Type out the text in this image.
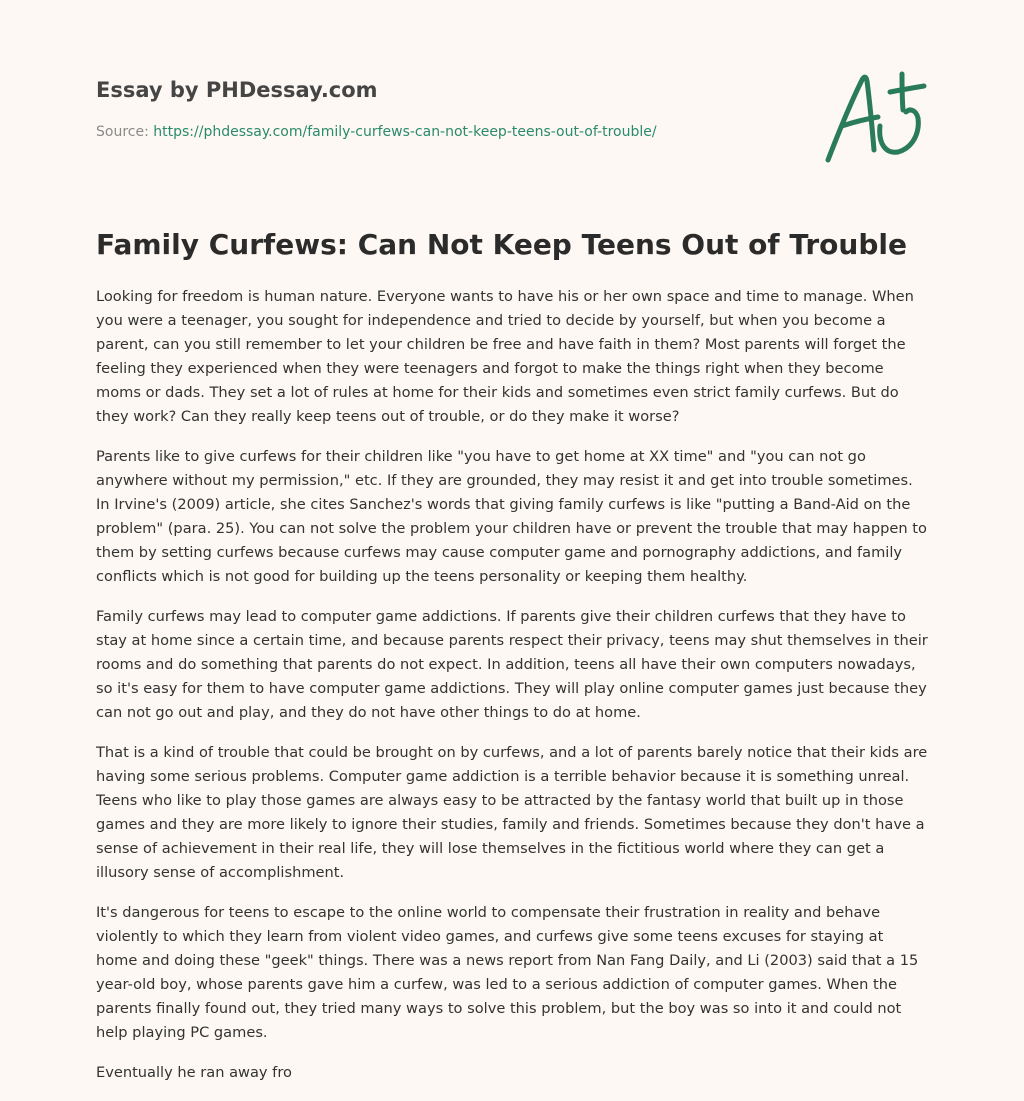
Essay by PHDessay.com
Source: https://phdessay.com/family-curfews-can-not-keep-teens-out-of-trouble/
Family Curfews: Can Not Keep Teens Out of Trouble

Looking for freedom is human nature. Everyone wants to have his or her own space and time to manage. When you were a teenager, you sought for independence and tried to decide by yourself, but when you become a parent, can you still remember to let your children be free and have faith in them? Most parents will forget the feeling they experienced when they were teenagers and forgot to make the things right when they become moms or dads. They set a lot of rules at home for their kids and sometimes even strict family curfews. But do they work? Can they really keep teens out of trouble, or do they make it worse?

Parents like to give curfews for their children like "you have to get home at XX time" and "you can not go anywhere without my permission," etc. If they are grounded, they may resist it and get into trouble sometimes. In Irvine's (2009) article, she cites Sanchez's words that giving family curfews is like "putting a Band-Aid on the problem" (para. 25). You can not solve the problem your children have or prevent the trouble that may happen to them by setting curfews because curfews may cause computer game and pornography addictions, and family conflicts which is not good for building up the teens personality or keeping them healthy.

Family curfews may lead to computer game addictions. If parents give their children curfews that they have to stay at home since a certain time, and because parents respect their privacy, teens may shut themselves in their rooms and do something that parents do not expect. In addition, teens all have their own computers nowadays, so it's easy for them to have computer game addictions. They will play online computer games just because they can not go out and play, and they do not have other things to do at home.

That is a kind of trouble that could be brought on by curfews, and a lot of parents barely notice that their kids are having some serious problems. Computer game addiction is a terrible behavior because it is something unreal. Teens who like to play those games are always easy to be attracted by the fantasy world that built up in those games and they are more likely to ignore their studies, family and friends. Sometimes because they don't have a sense of achievement in their real life, they will lose themselves in the fictitious world where they can get a illusory sense of accomplishment.

It's dangerous for teens to escape to the online world to compensate their frustration in reality and behave violently to which they learn from violent video games, and curfews give some teens excuses for staying at home and doing these "geek" things. There was a news report from Nan Fang Daily, and Li (2003) said that a 15 year-old boy, whose parents gave him a curfew, was led to a serious addiction of computer games. When the parents finally found out, they tried many ways to solve this problem, but the boy was so into it and could not help playing PC games.

Eventually he ran away fro
